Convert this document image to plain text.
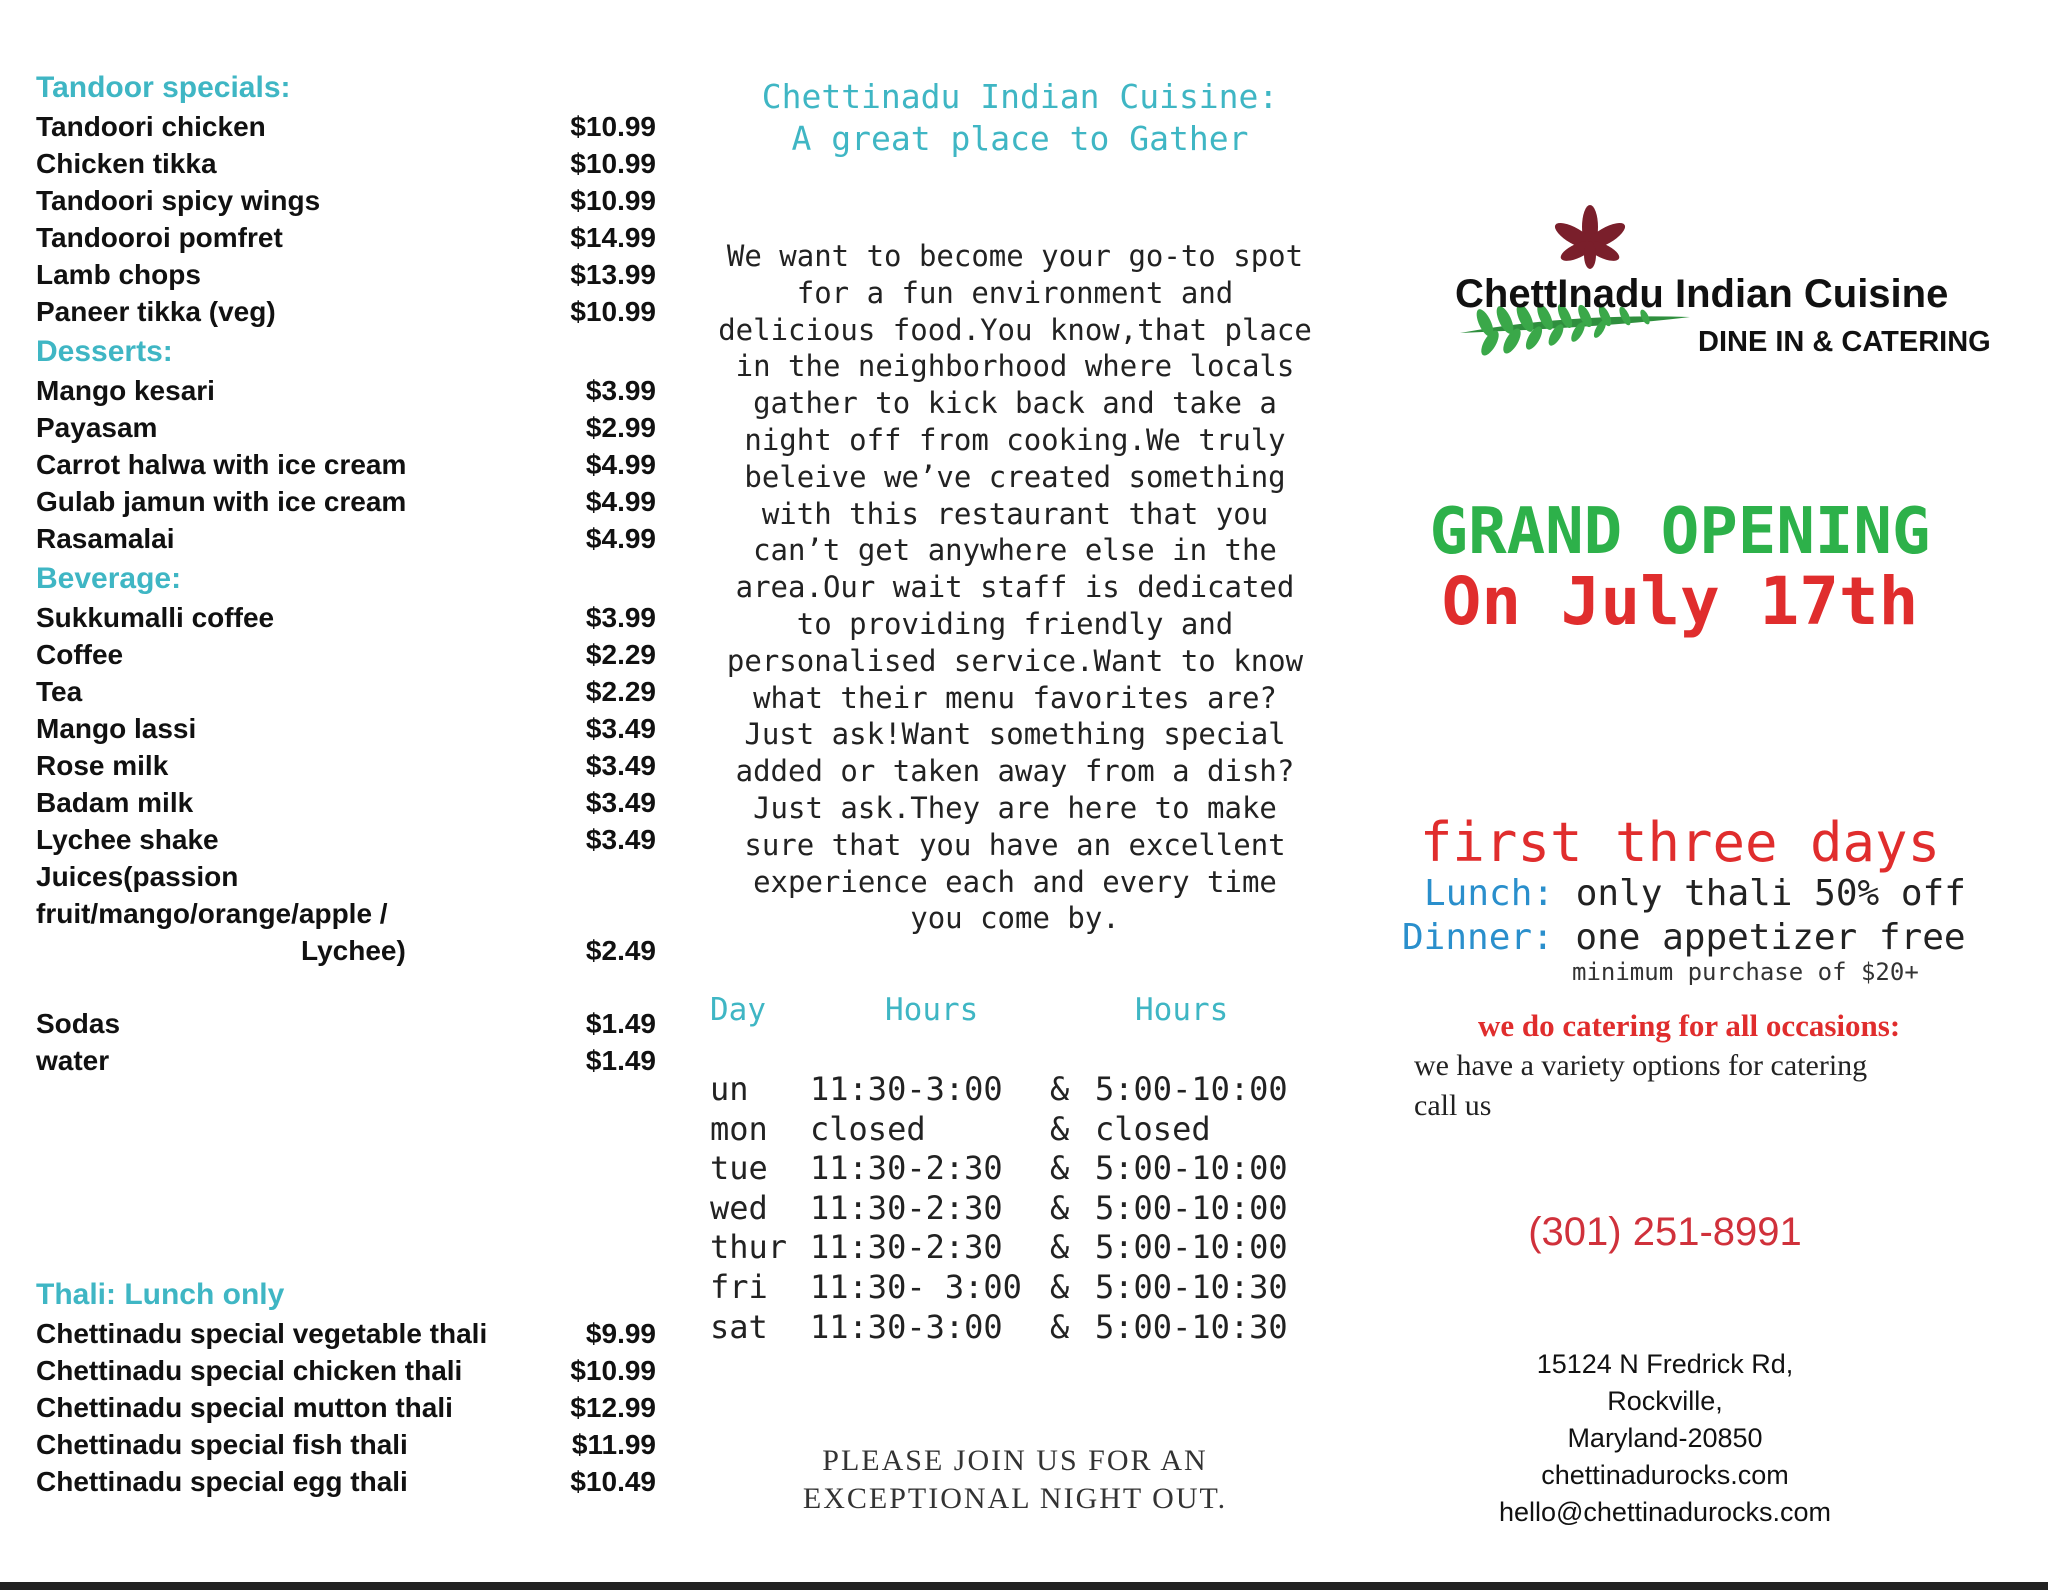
Tandoor specials:
Tandoori chicken	$10.99
Chicken tikka	$10.99
Tandoori spicy wings	$10.99
Tandooroi pomfret	$14.99
Lamb chops	$13.99
Paneer tikka (veg)	$10.99
Desserts:
Mango kesari	$3.99
Payasam	$2.99
Carrot halwa with ice cream	$4.99
Gulab jamun with ice cream	$4.99
Rasamalai	$4.99
Beverage:
Sukkumalli coffee	$3.99
Coffee	$2.29
Tea	$2.29
Mango lassi	$3.49
Rose milk	$3.49
Badam milk	$3.49
Lychee shake	$3.49
Juices(passion fruit/mango/orange/apple /
Lychee)	$2.49
Sodas	$1.49
water	$1.49
Thali: Lunch only
Chettinadu special vegetable thali	$9.99
Chettinadu special chicken thali	$10.99
Chettinadu special mutton thali	$12.99
Chettinadu special fish thali	$11.99
Chettinadu special egg thali	$10.49
Chettinadu Indian Cuisine:
A great place to Gather
We want to become your go-to spot
for a fun environment and
delicious food.You know,that place
in the neighborhood where locals
gather to kick back and take a
night off from cooking.We truly
beleive we’ve created something
with this restaurant that you
can’t get anywhere else in the
area.Our wait staff is dedicated
to providing friendly and
personalised service.Want to know
what their menu favorites are?
Just ask!Want something special
added or taken away from a dish?
Just ask.They are here to make
sure that you have an excellent
experience each and every time
you come by.
Day	Hours	Hours
un	11:30-3:00	& 5:00-10:00
mon	closed	& closed
tue	11:30-2:30	& 5:00-10:00
wed	11:30-2:30	& 5:00-10:00
thur 11:30-2:30	& 5:00-10:00
fri	11:30- 3:00 & 5:00-10:30
sat	11:30-3:00	& 5:00-10:30
PLEASE JOIN US FOR AN
EXCEPTIONAL NIGHT OUT.
ChettInadu Indian Cuisine
DINE IN & CATERING
GRAND OPENING
On July 17th
first three days
Lunch: only thali 50% off
Dinner: one appetizer free
minimum purchase of $20+
we do catering for all occasions:
we have a variety options for catering
call us
(301) 251-8991
15124 N Fredrick Rd,
Rockville,
Maryland-20850
chettinadurocks.com
hello@chettinadurocks.com
